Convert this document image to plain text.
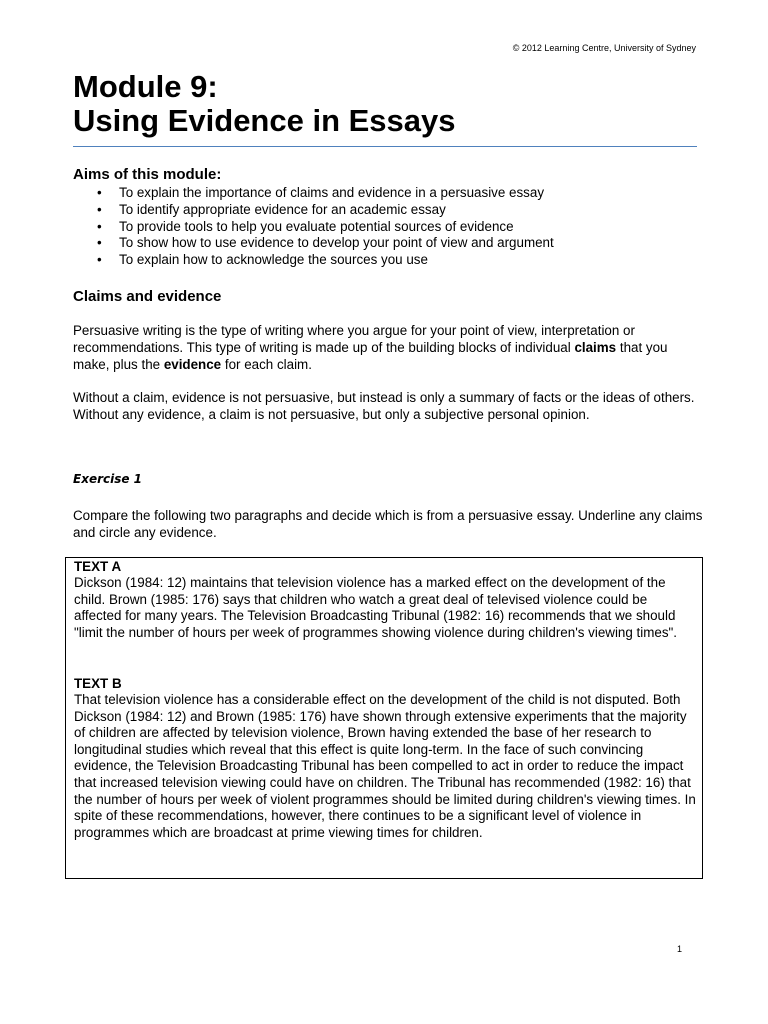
© 2012 Learning Centre, University of Sydney
Module 9:
Using Evidence in Essays
Aims of this module:
• To explain the importance of claims and evidence in a persuasive essay
• To identify appropriate evidence for an academic essay
• To provide tools to help you evaluate potential sources of evidence
• To show how to use evidence to develop your point of view and argument
• To explain how to acknowledge the sources you use
Claims and evidence

Persuasive writing is the type of writing where you argue for your point of view, interpretation or recommendations. This type of writing is made up of the building blocks of individual claims that you make, plus the evidence for each claim.

Without a claim, evidence is not persuasive, but instead is only a summary of facts or the ideas of others. Without any evidence, a claim is not persuasive, but only a subjective personal opinion.

Exercise 1

Compare the following two paragraphs and decide which is from a persuasive essay. Underline any claims and circle any evidence.

TEXT A

Dickson (1984: 12) maintains that television violence has a marked effect on the development of the child. Brown (1985: 176) says that children who watch a great deal of televised violence could be affected for many years. The Television Broadcasting Tribunal (1982: 16) recommends that we should "limit the number of hours per week of programmes showing violence during children's viewing times".

TEXT B

That television violence has a considerable effect on the development of the child is not disputed. Both Dickson (1984: 12) and Brown (1985: 176) have shown through extensive experiments that the majority of children are affected by television violence, Brown having extended the base of her research to longitudinal studies which reveal that this effect is quite long-term. In the face of such convincing evidence, the Television Broadcasting Tribunal has been compelled to act in order to reduce the impact that increased television viewing could have on children. The Tribunal has recommended (1982: 16) that the number of hours per week of violent programmes should be limited during children's viewing times. In spite of these recommendations, however, there continues to be a significant level of violence in programmes which are broadcast at prime viewing times for children.

1
